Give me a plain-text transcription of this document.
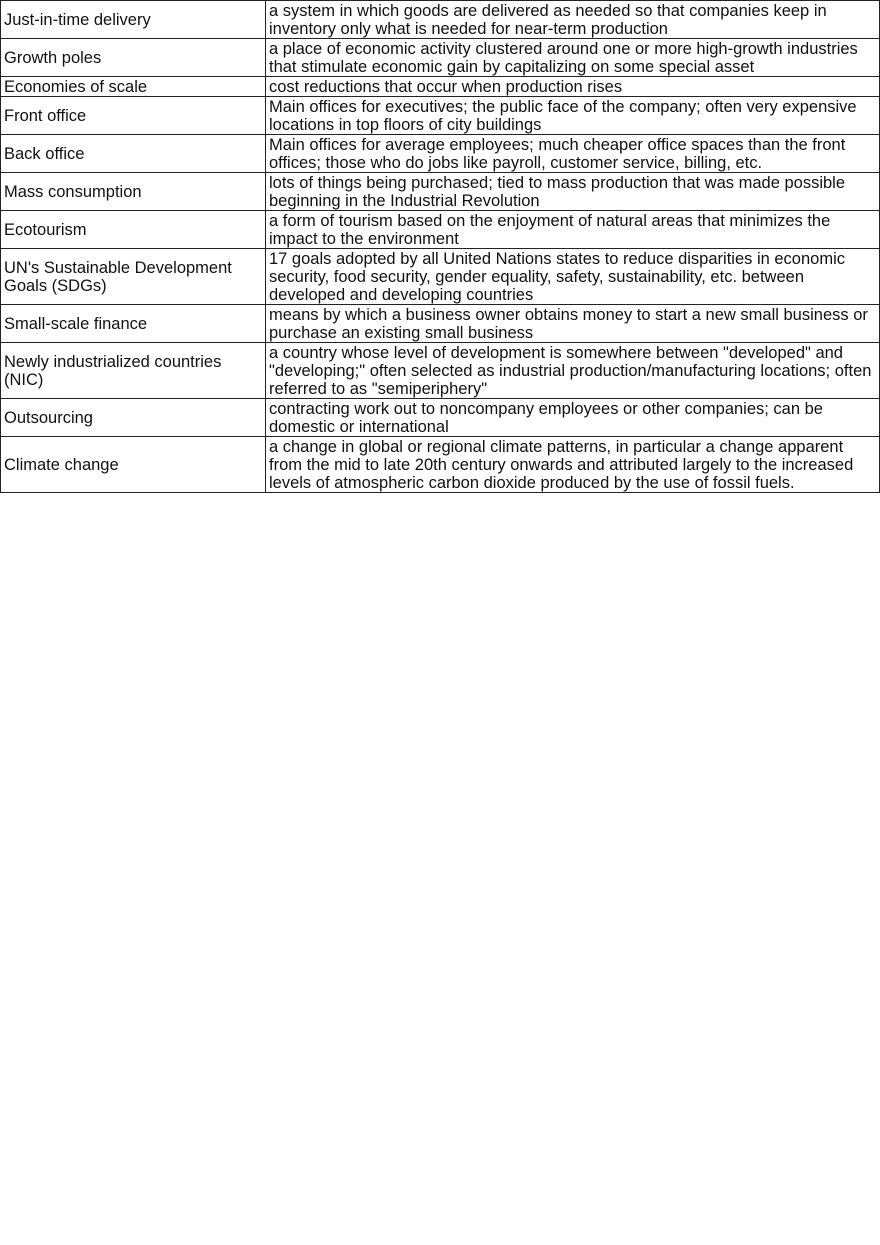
Just-in-time delivery	a system in which goods are delivered as needed so that companies keep in inventory only what is needed for near-term production
Growth poles	a place of economic activity clustered around one or more high-growth industries that stimulate economic gain by capitalizing on some special asset
Economies of scale	cost reductions that occur when production rises
Front office	Main offices for executives; the public face of the company; often very expensive locations in top floors of city buildings
Back office	Main offices for average employees; much cheaper office spaces than the front offices; those who do jobs like payroll, customer service, billing, etc.
Mass consumption	lots of things being purchased; tied to mass production that was made possible beginning in the Industrial Revolution
Ecotourism	a form of tourism based on the enjoyment of natural areas that minimizes the impact to the environment
UN's Sustainable Development Goals (SDGs)	17 goals adopted by all United Nations states to reduce disparities in economic security, food security, gender equality, safety, sustainability, etc. between developed and developing countries
Small-scale finance	means by which a business owner obtains money to start a new small business or purchase an existing small business
Newly industrialized countries (NIC)	a country whose level of development is somewhere between "developed" and "developing;" often selected as industrial production/manufacturing locations; often referred to as "semiperiphery"
Outsourcing	contracting work out to noncompany employees or other companies; can be domestic or international
Climate change	a change in global or regional climate patterns, in particular a change apparent from the mid to late 20th century onwards and attributed largely to the increased levels of atmospheric carbon dioxide produced by the use of fossil fuels.
